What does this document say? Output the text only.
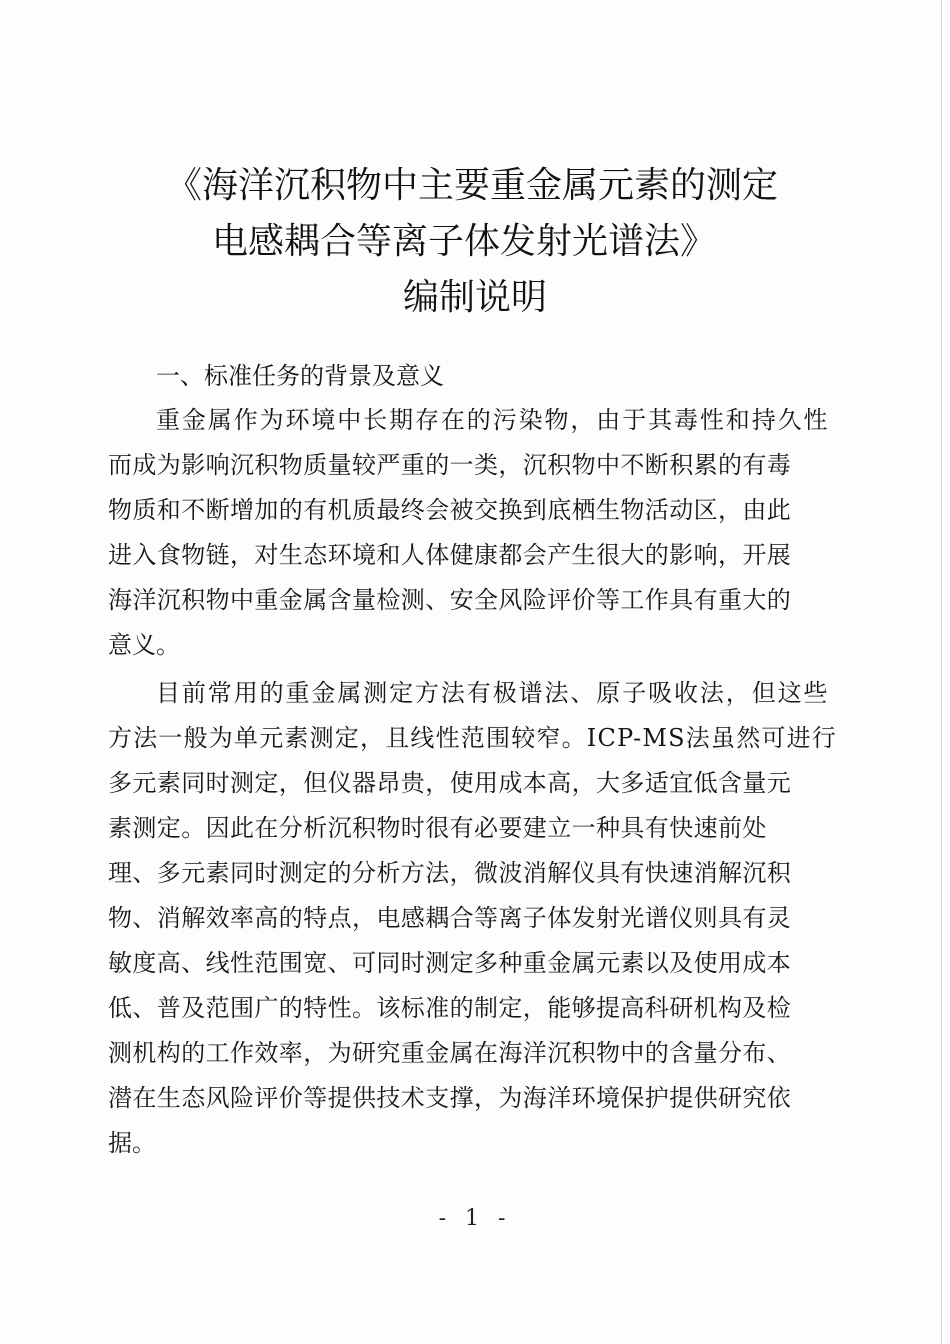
《海洋沉积物中主要重金属元素的测定
电感耦合等离子体发射光谱法》
编制说明
一、标准任务的背景及意义
重金属作为环境中长期存在的污染物，由于其毒性和持久性
而成为影响沉积物质量较严重的一类，沉积物中不断积累的有毒
物质和不断增加的有机质最终会被交换到底栖生物活动区，由此
进入食物链，对生态环境和人体健康都会产生很大的影响，开展
海洋沉积物中重金属含量检测、安全风险评价等工作具有重大的
意义。
目前常用的重金属测定方法有极谱法、原子吸收法，但这些
方法一般为单元素测定，且线性范围较窄。ICP-MS法虽然可进行
多元素同时测定，但仪器昂贵，使用成本高，大多适宜低含量元
素测定。因此在分析沉积物时很有必要建立一种具有快速前处
理、多元素同时测定的分析方法，微波消解仪具有快速消解沉积
物、消解效率高的特点，电感耦合等离子体发射光谱仪则具有灵
敏度高、线性范围宽、可同时测定多种重金属元素以及使用成本
低、普及范围广的特性。该标准的制定，能够提高科研机构及检
测机构的工作效率，为研究重金属在海洋沉积物中的含量分布、
潜在生态风险评价等提供技术支撑，为海洋环境保护提供研究依
据。
- 1 -
